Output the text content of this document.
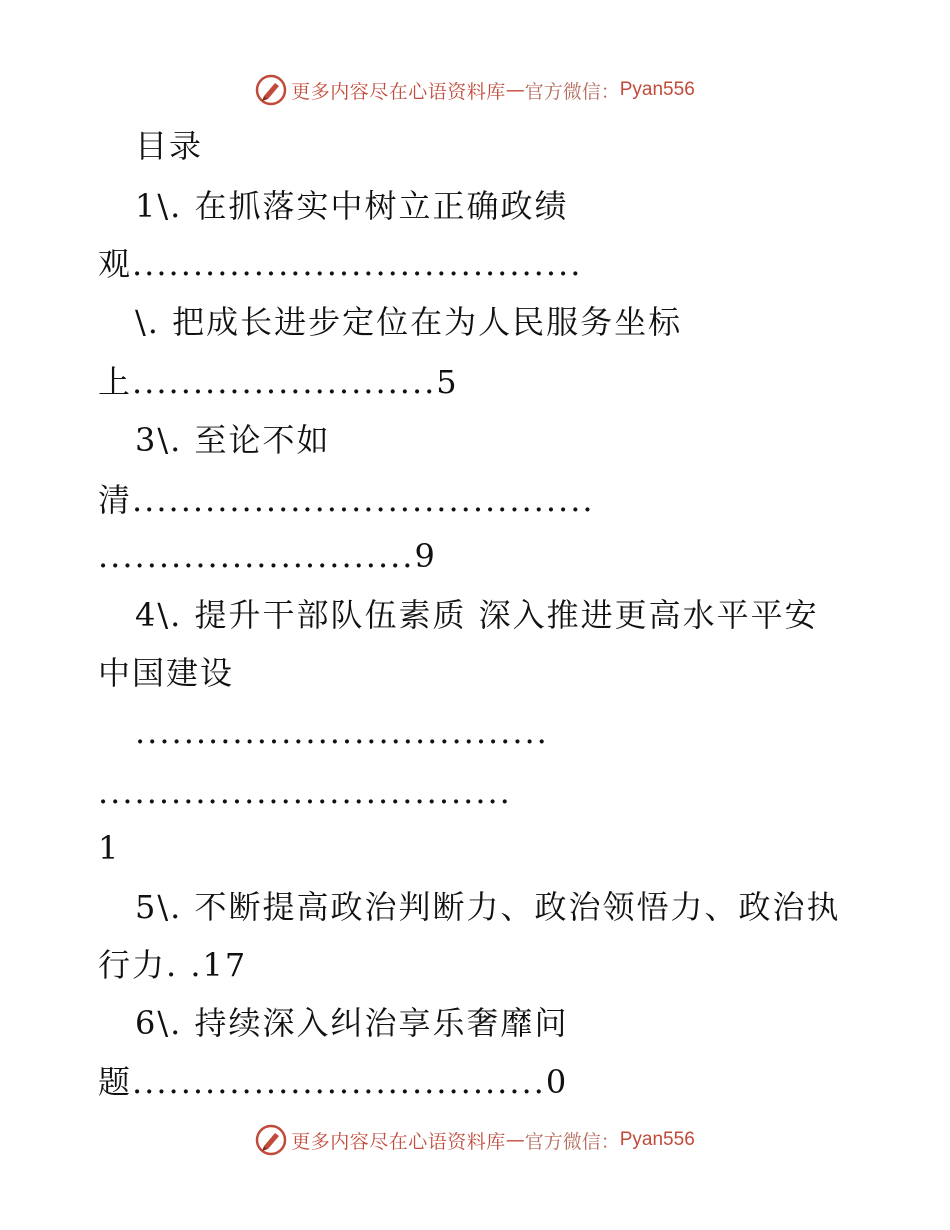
更多内容尽在心语资料库 — 官方微信： Pyan556
目录
1\. 在抓落实中树立正确政绩
观.....................................
\. 把成长进步定位在为人民服务坐标
上.........................5
3\. 至论不如
清......................................
..........................9
4\. 提升干部队伍素质 深入推进更高水平平安
中国建设
..................................
..................................
1
5\. 不断提高政治判断力、政治领悟力、政治执
行力. .17
6\. 持续深入纠治享乐奢靡问
题..................................0
更多内容尽在心语资料库 — 官方微信： Pyan556
